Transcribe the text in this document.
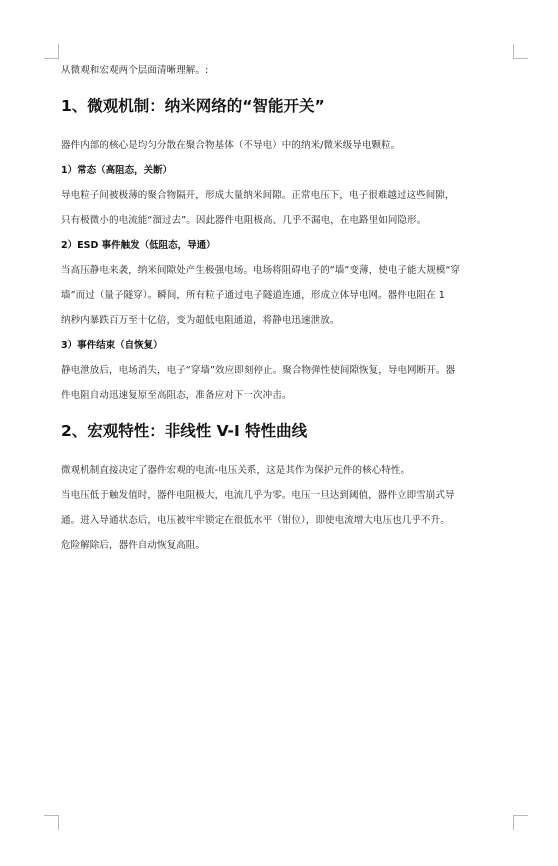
从微观和宏观两个层面清晰理解。:

1、微观机制：纳米网络的“智能开关”

器件内部的核心是均匀分散在聚合物基体（不导电）中的纳米/微米级导电颗粒。

1）常态（高阻态，关断）

导电粒子间被极薄的聚合物隔开，形成大量纳米间隙。正常电压下，电子很难越过这些间隙，

只有极微小的电流能“溜过去”。因此器件电阻极高、几乎不漏电，在电路里如同隐形。

2）ESD 事件触发（低阻态，导通）

当高压静电来袭，纳米间隙处产生极强电场。电场将阻碍电子的“墙”变薄，使电子能大规模“穿

墙”而过（量子隧穿）。瞬间，所有粒子通过电子隧道连通，形成立体导电网。器件电阻在 1

纳秒内暴跌百万至十亿倍，变为超低电阻通道，将静电迅速泄放。

3）事件结束（自恢复）

静电泄放后，电场消失，电子“穿墙”效应即刻停止。聚合物弹性使间隙恢复，导电网断开。器

件电阻自动迅速复原至高阻态，准备应对下一次冲击。

2、宏观特性：非线性 V-I 特性曲线

微观机制直接决定了器件宏观的电流-电压关系，这是其作为保护元件的核心特性。

当电压低于触发值时，器件电阻极大，电流几乎为零。电压一旦达到阈值，器件立即雪崩式导

通。进入导通状态后，电压被牢牢锁定在很低水平（钳位），即使电流增大电压也几乎不升。

危险解除后，器件自动恢复高阻。
